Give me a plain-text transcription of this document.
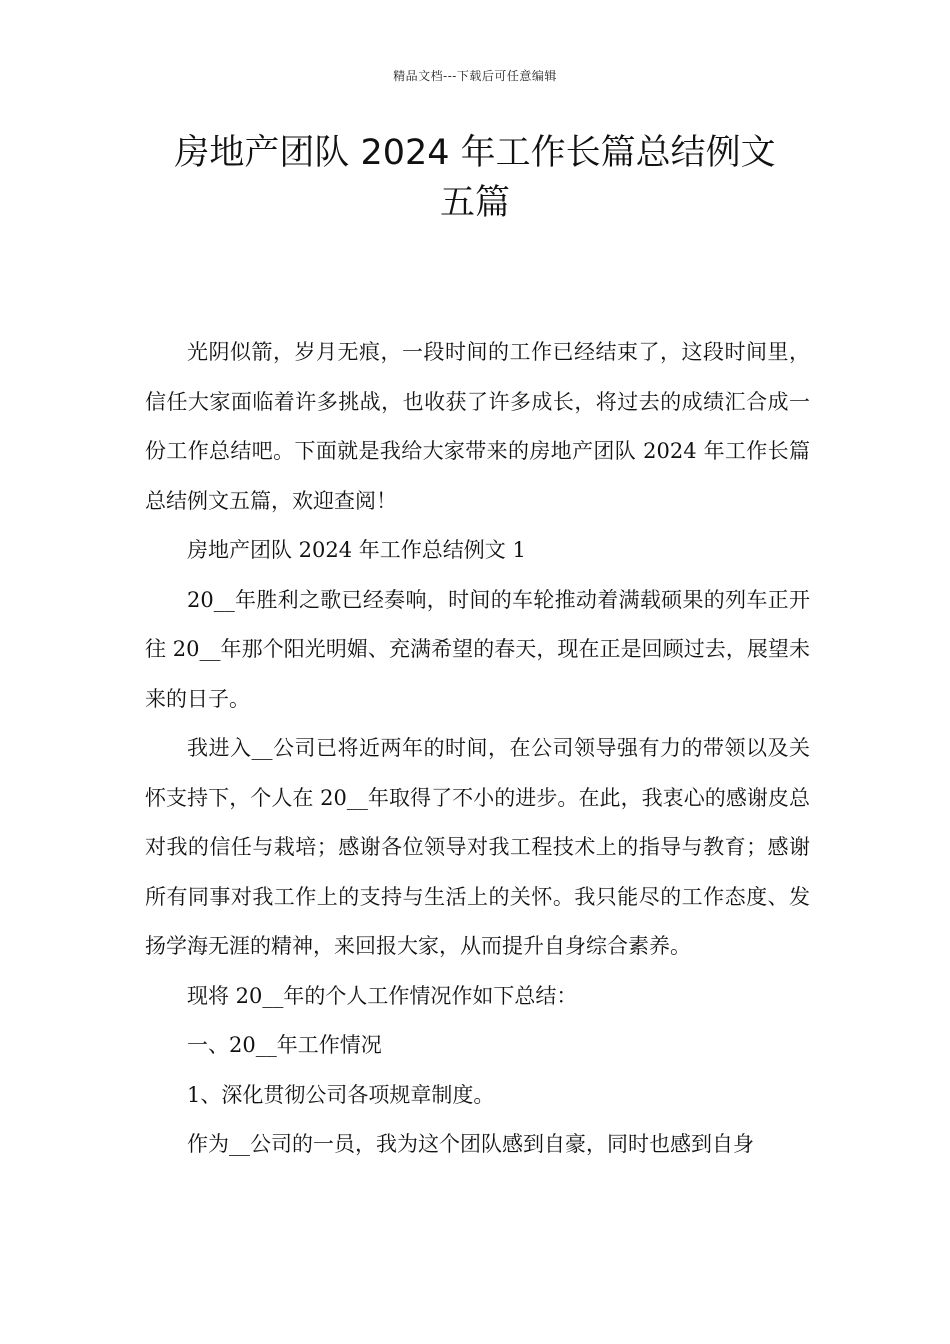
精品文档---下载后可任意编辑
房地产团队 2024 年工作长篇总结例文
五篇

光阴似箭，岁月无痕，一段时间的工作已经结束了，这段时间里，信任大家面临着许多挑战，也收获了许多成长，将过去的成绩汇合成一份工作总结吧。下面就是我给大家带来的房地产团队 2024 年工作长篇总结例文五篇，欢迎查阅！

房地产团队 2024 年工作总结例文 1

20__年胜利之歌已经奏响，时间的车轮推动着满载硕果的列车正开往 20__年那个阳光明媚、充满希望的春天，现在正是回顾过去，展望未来的日子。

我进入__公司已将近两年的时间，在公司领导强有力的带领以及关怀支持下，个人在 20__年取得了不小的进步。在此，我衷心的感谢皮总对我的信任与栽培；感谢各位领导对我工程技术上的指导与教育；感谢所有同事对我工作上的支持与生活上的关怀。我只能尽的工作态度、发扬学海无涯的精神，来回报大家，从而提升自身综合素养。

现将 20__年的个人工作情况作如下总结：

一、20__年工作情况

1、深化贯彻公司各项规章制度。

作为__公司的一员，我为这个团队感到自豪，同时也感到自身
